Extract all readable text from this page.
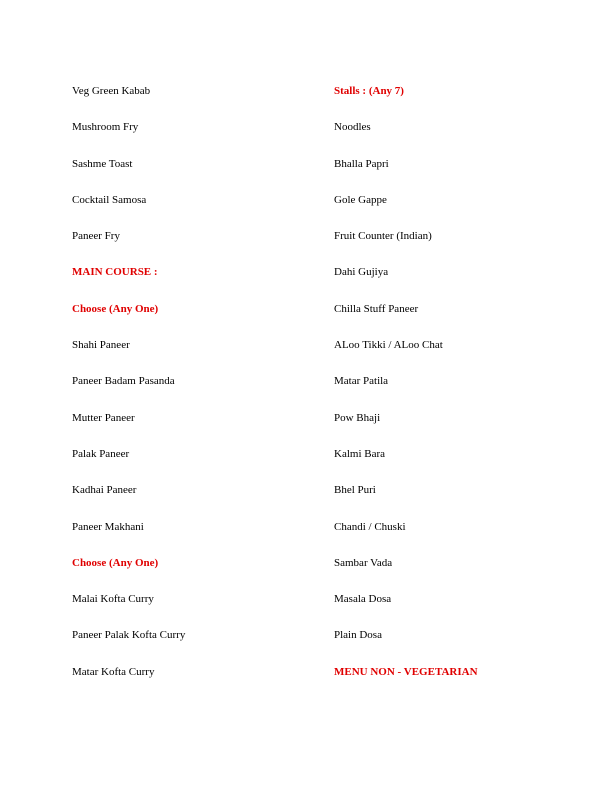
Veg Green Kabab
Mushroom Fry
Sashme Toast
Cocktail Samosa
Paneer Fry
MAIN COURSE :
Choose (Any One)
Shahi Paneer
Paneer Badam Pasanda
Mutter Paneer
Palak Paneer
Kadhai Paneer
Paneer Makhani
Choose (Any One)
Malai Kofta Curry
Paneer Palak Kofta Curry
Matar Kofta Curry
Stalls : (Any 7)
Noodles
Bhalla Papri
Gole Gappe
Fruit Counter (Indian)
Dahi Gujiya
Chilla Stuff Paneer
ALoo Tikki / ALoo Chat
Matar Patila
Pow Bhaji
Kalmi Bara
Bhel Puri
Chandi / Chuski
Sambar Vada
Masala Dosa
Plain Dosa
MENU NON - VEGETARIAN
